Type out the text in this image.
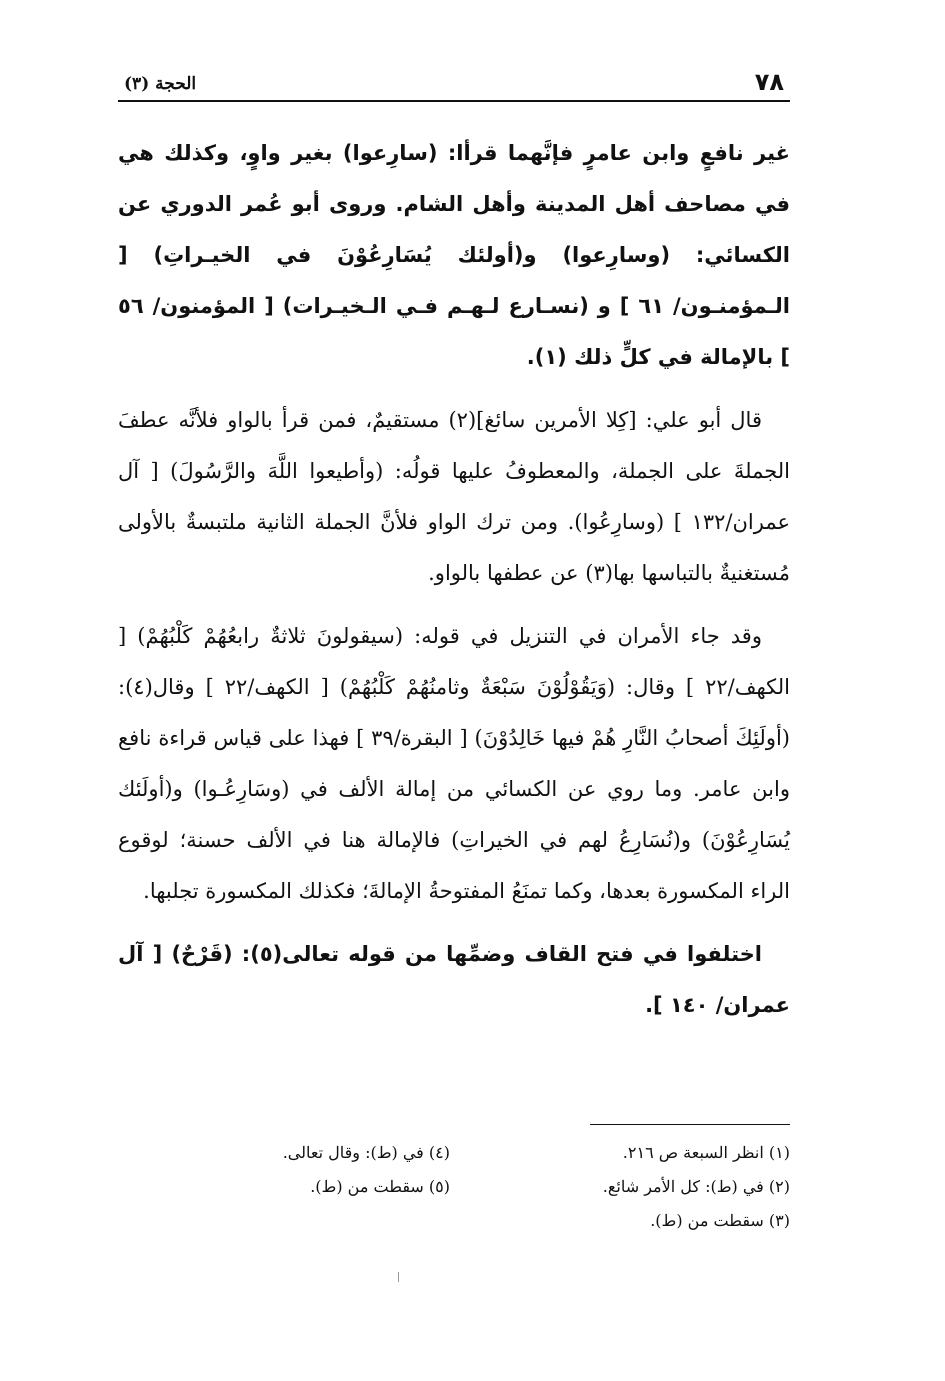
٧٨
الحجة (٣)

غير نافعٍ وابن عامرٍ فإنَّهما قرأا: (سارِعوا) بغير واوٍ، وكذلك هي في مصاحف أهل المدينة وأهل الشام. وروى أبو عُمر الدوري عن الكسائي: (وسارِعوا) و(أولئك يُسَارِعُوْنَ في الخيـراتِ) [ الـمؤمنـون/ ٦١ ] و (نسـارع لـهـم فـي الـخيـرات) [ المؤمنون/ ٥٦ ] بالإمالة في كلٍّ ذلك (١).

قال أبو علي: [كِلا الأمرين سائغ](٢) مستقيمٌ، فمن قرأ بالواو فلأنَّه عطفَ الجملةَ على الجملة، والمعطوفُ عليها قولُه: (وأطيعوا اللَّهَ والرَّسُولَ) [ آل عمران/١٣٢ ] (وسارِعُوا). ومن ترك الواو فلأنَّ الجملة الثانية ملتبسةٌ بالأولى مُستغنيةٌ بالتباسها بها(٣) عن عطفها بالواو.

وقد جاء الأمران في التنزيل في قوله: (سيقولونَ ثلاثةٌ رابعُهُمْ كَلْبُهُمْ) [ الكهف/٢٢ ] وقال: (وَيَقُوْلُوْنَ سَبْعَةٌ وثامنُهُمْ كَلْبُهُمْ) [ الكهف/٢٢ ] وقال(٤): (أولَئِكَ أصحابُ النَّارِ هُمْ فيها خَالِدُوْنَ) [ البقرة/٣٩ ] فهذا على قياس قراءة نافع وابن عامر. وما روي عن الكسائي من إمالة الألف في (وسَارِعُـوا) و(أولَئك يُسَارِعُوْنَ) و(نُسَارِعُ لهم في الخيراتِ) فالإمالة هنا في الألف حسنة؛ لوقوع الراء المكسورة بعدها، وكما تمنَعُ المفتوحةُ الإمالةَ؛ فكذلك المكسورة تجلبها.

اختلفوا في فتح القاف وضمِّها من قوله تعالى(٥): (قَرْحٌ) [ آل عمران/ ١٤٠ ].

(١) انظر السبعة ص ٢١٦.
(٢) في (ط): كل الأمر شائع.
(٣) سقطت من (ط).
(٤) في (ط): وقال تعالى.
(٥) سقطت من (ط).
